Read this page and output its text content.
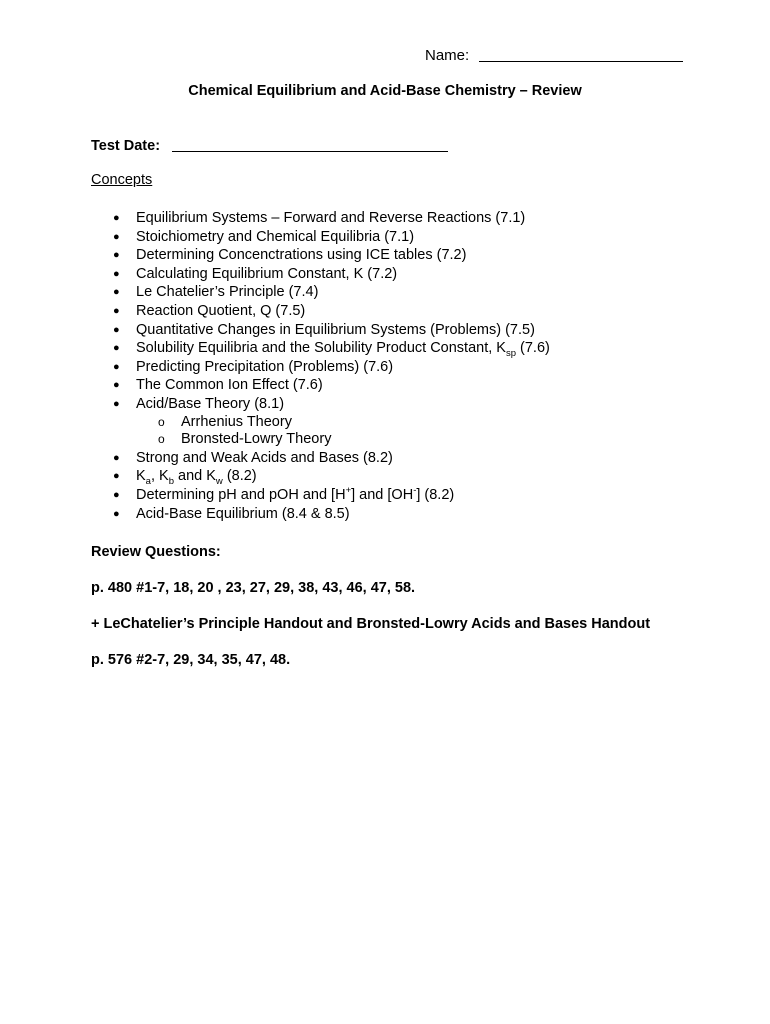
Name:
Chemical Equilibrium and Acid-Base Chemistry – Review
Test Date:
Concepts
● Equilibrium Systems – Forward and Reverse Reactions (7.1)
● Stoichiometry and Chemical Equilibria (7.1)
● Determining Concenctrations using ICE tables (7.2)
● Calculating Equilibrium Constant, K (7.2)
● Le Chatelier’s Principle (7.4)
● Reaction Quotient, Q (7.5)
● Quantitative Changes in Equilibrium Systems (Problems) (7.5)
● Solubility Equilibria and the Solubility Product Constant, $K_{sp}$ (7.6)
● Predicting Precipitation (Problems) (7.6)
● The Common Ion Effect (7.6)
● Acid/Base Theory (8.1)
o Arrhenius Theory
o Bronsted-Lowry Theory
● Strong and Weak Acids and Bases (8.2)
● $K_a$, $K_b$ and $K_w$ (8.2)
● Determining pH and pOH and [H+] and [OH-] (8.2)
● Acid-Base Equilibrium (8.4 & 8.5)
Review Questions:
p. 480 #1-7, 18, 20 , 23, 27, 29, 38, 43, 46, 47, 58.
+ LeChatelier’s Principle Handout and Bronsted-Lowry Acids and Bases Handout
p. 576 #2-7, 29, 34, 35, 47, 48.
